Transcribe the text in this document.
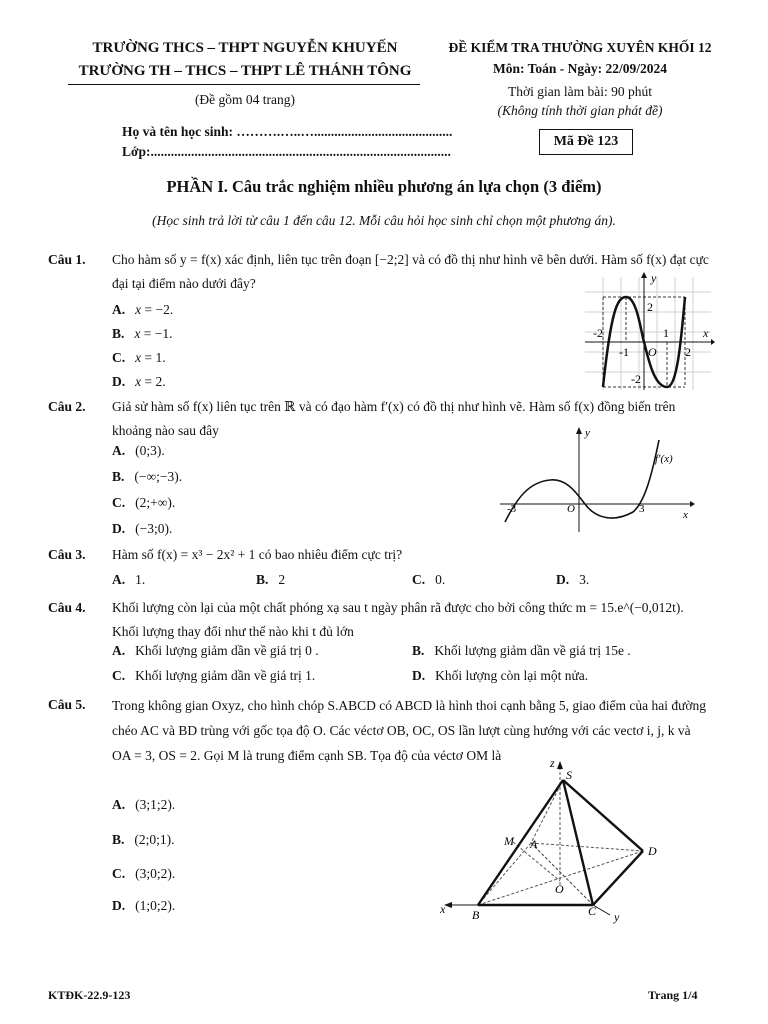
TRƯỜNG THCS – THPT NGUYỄN KHUYẾN
TRƯỜNG TH – THCS – THPT LÊ THÁNH TÔNG
(Đề gồm 04 trang)
ĐỀ KIỂM TRA THƯỜNG XUYÊN KHỐI 12
Môn: Toán - Ngày: 22/09/2024
Thời gian làm bài: 90 phút
(Không tính thời gian phát đề)
Họ và tên học sinh: ……….…..….........................................
Lớp:.........................................................................................
Mã Đề 123
PHẦN I. Câu trắc nghiệm nhiều phương án lựa chọn (3 điểm)
(Học sinh trả lời từ câu 1 đến câu 12. Mỗi câu hỏi học sinh chỉ chọn một phương án).
Câu 1. Cho hàm số y = f(x) xác định, liên tục trên đoạn [−2;2] và có đồ thị như hình vẽ bên dưới. Hàm số f(x) đạt cực đại tại điểm nào dưới đây?
A. x = −2.
B. x = −1.
C. x = 1.
D. x = 2.
y
x
2
-2	1
-1 O 2
-2
Câu 2. Giả sử hàm số f(x) liên tục trên ℝ và có đạo hàm f′(x) có đồ thị như hình vẽ. Hàm số f(x) đồng biến trên khoảng nào sau đây
A. (0;3).
B. (−∞;−3).
C. (2;+∞).
D. (−3;0).
y
x
f′(x)
-3	O	3
Câu 3. Hàm số f(x) = x³ − 2x² + 1 có bao nhiêu điểm cực trị?
A. 1.	B. 2	C. 0.	D. 3.
Câu 4. Khối lượng còn lại của một chất phóng xạ sau t ngày phân rã được cho bởi công thức m = 15.e^(−0,012t). Khối lượng thay đổi như thế nào khi t đủ lớn
A. Khối lượng giảm dần về giá trị 0 .	B. Khối lượng giảm dần về giá trị 15e .
C. Khối lượng giảm dần về giá trị 1.	D. Khối lượng còn lại một nửa.
Câu 5. Trong không gian Oxyz, cho hình chóp S.ABCD có ABCD là hình thoi cạnh bằng 5, giao điểm của hai đường chéo AC và BD trùng với gốc tọa độ O. Các véctơ OB, OC, OS lần lượt cùng hướng với các vectơ i, j, k và OA = 3, OS = 2. Gọi M là trung điểm cạnh SB. Tọa độ của véctơ OM là
A. (3;1;2).
B. (2;0;1).
C. (3;0;2).
D. (1;0;2).
z
S
M A	D
O
x B	C y
KTĐK-22.9-123	Trang 1/4
